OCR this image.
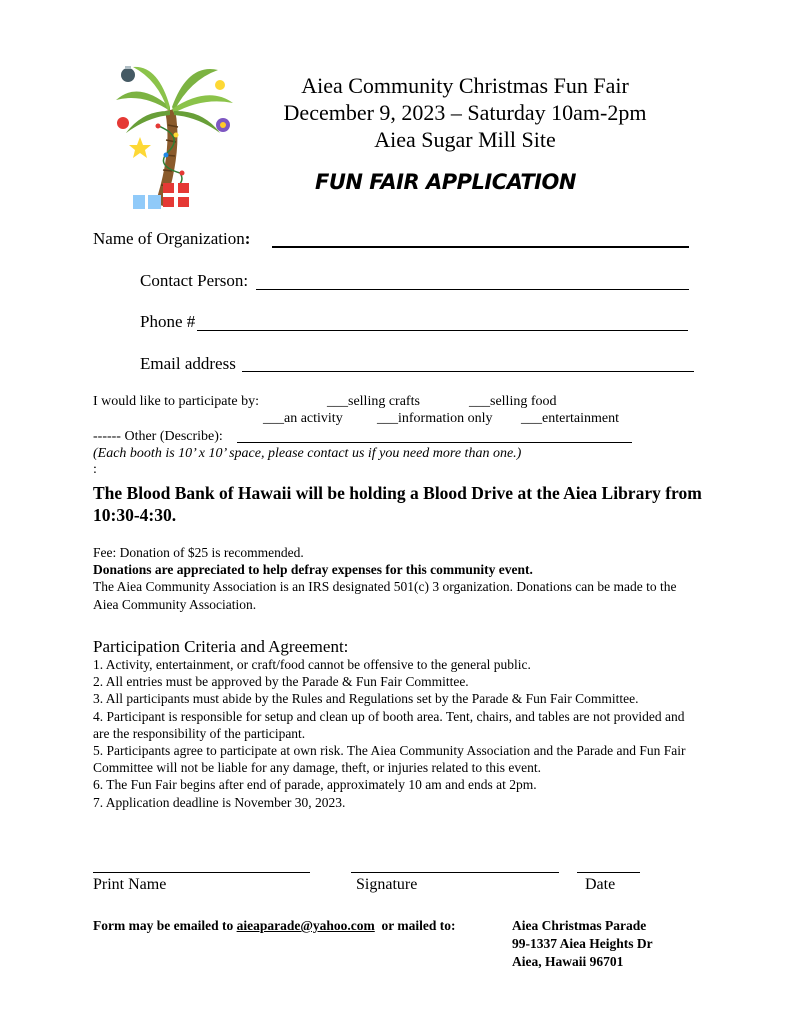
Aiea Community Christmas Fun Fair
December 9, 2023 – Saturday 10am-2pm
Aiea Sugar Mill Site
FUN FAIR APPLICATION
Name of Organization:
Contact Person:
Phone #
Email address
I would like to participate by:	___selling crafts	___selling food
___an activity ___information only ___entertainment
------ Other (Describe):
(Each booth is 10’ x 10’ space, please contact us if you need more than one.)
:
The Blood Bank of Hawaii will be holding a Blood Drive at the Aiea Library from 10:30-4:30.
Fee: Donation of $25 is recommended.
Donations are appreciated to help defray expenses for this community event.
The Aiea Community Association is an IRS designated 501(c) 3 organization. Donations can be made to the Aiea Community Association.
Participation Criteria and Agreement:
1. Activity, entertainment, or craft/food cannot be offensive to the general public.
2. All entries must be approved by the Parade & Fun Fair Committee.
3. All participants must abide by the Rules and Regulations set by the Parade & Fun Fair Committee.
4. Participant is responsible for setup and clean up of booth area. Tent, chairs, and tables are not provided and are the responsibility of the participant.
5. Participants agree to participate at own risk. The Aiea Community Association and the Parade and Fun Fair Committee will not be liable for any damage, theft, or injuries related to this event.
6. The Fun Fair begins after end of parade, approximately 10 am and ends at 2pm.
7. Application deadline is November 30, 2023.
Print Name	Signature	Date
Form may be emailed to aieaparade@yahoo.com  or mailed to:	Aiea Christmas Parade
99-1337 Aiea Heights Dr
Aiea, Hawaii 96701
